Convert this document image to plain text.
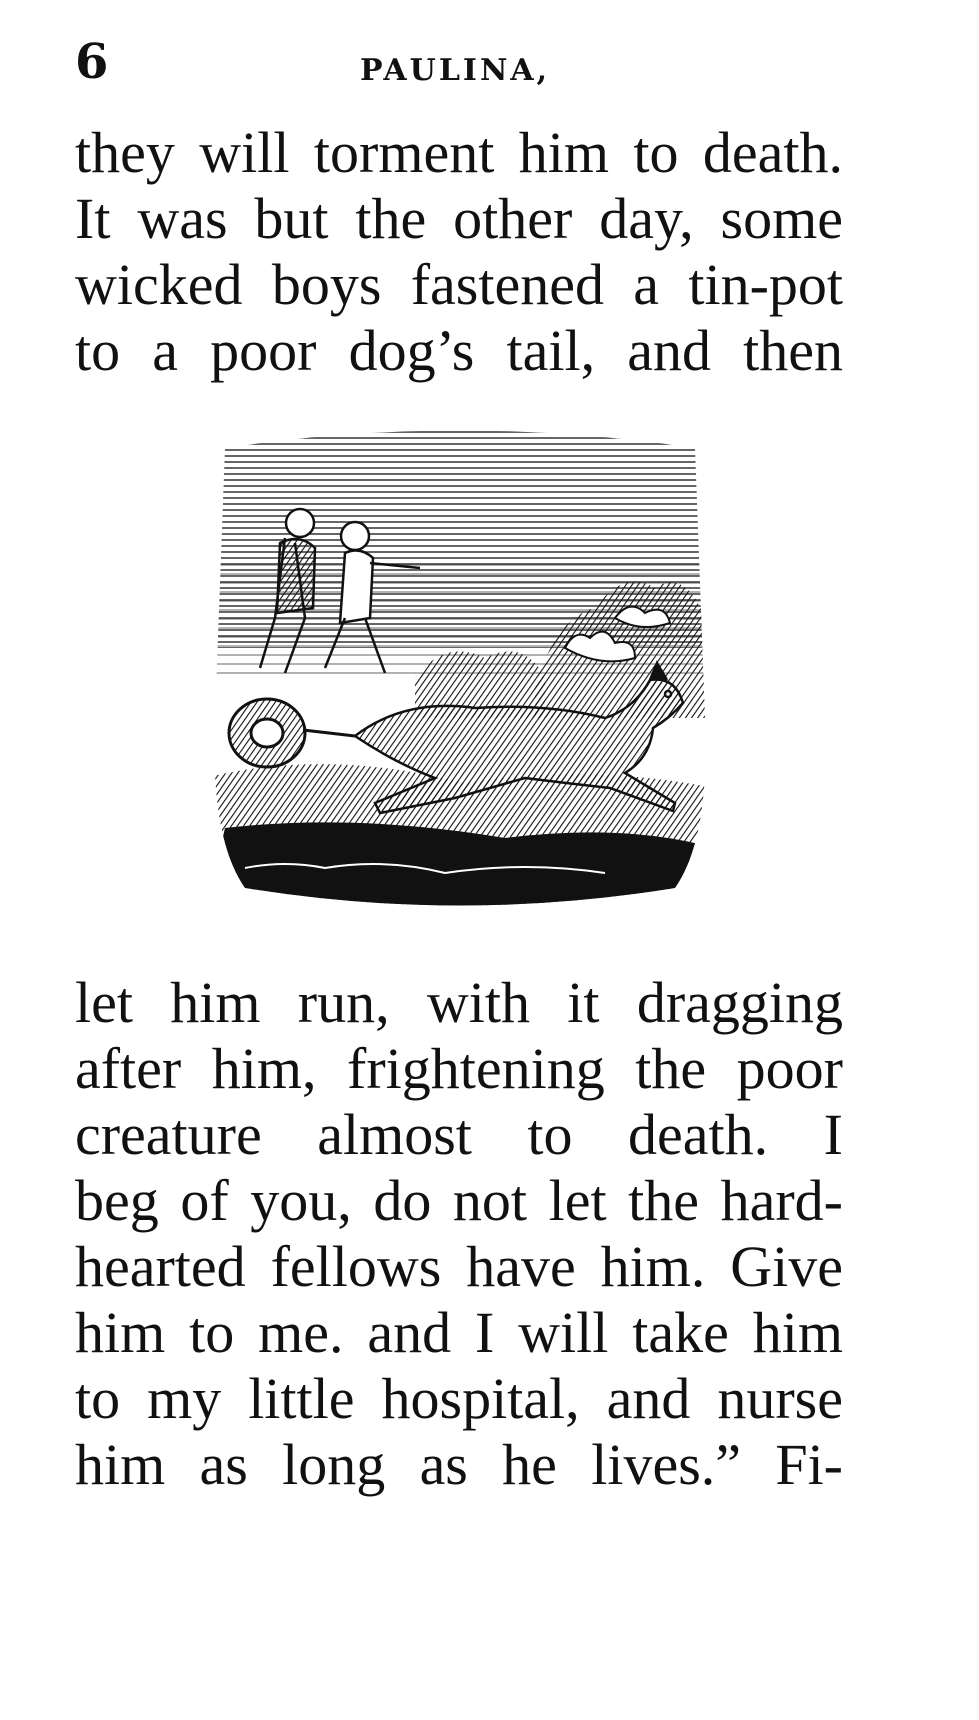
6	PAULINA,
they will torment him to death.
It was but the other day, some
wicked boys fastened a tin-pot
to a poor dog’s tail, and then
let him run, with it dragging
after him, frightening the poor
creature almost to death. I
beg of you, do not let the hard-
hearted fellows have him. Give
him to me. and I will take him
to my little hospital, and nurse
him as long as he lives.” Fi-
